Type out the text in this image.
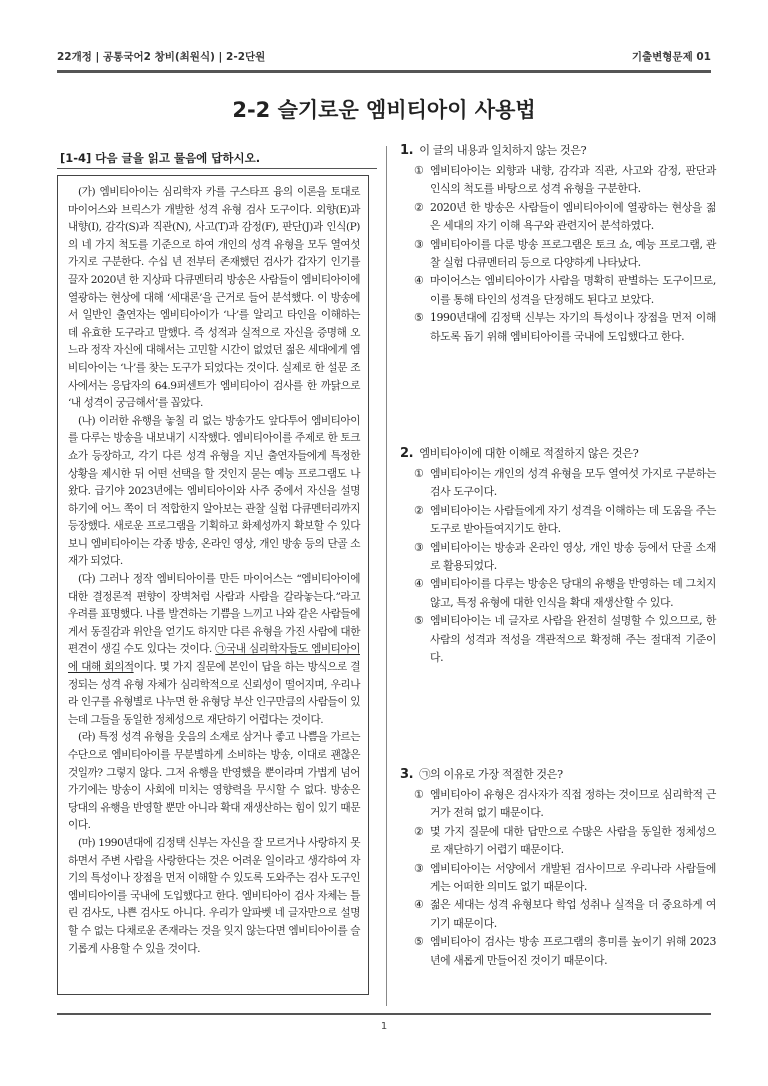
22개정 | 공통국어2 창비(최원식) | 2-2단원	기출변형문제 01
2-2 슬기로운 엠비티아이 사용법
[1-4] 다음 글을 읽고 물음에 답하시오.

(가) 엠비티아이는 심리학자 카를 구스타프 융의 이론을 토대로 마이어스와 브릭스가 개발한 성격 유형 검사 도구이다. 외향(E)과 내향(I), 감각(S)과 직관(N), 사고(T)과 감정(F), 판단(J)과 인식(P)의 네 가지 척도를 기준으로 하여 개인의 성격 유형을 모두 열여섯 가지로 구분한다. 수십 년 전부터 존재했던 검사가 갑자기 인기를 끌자 2020년 한 지상파 다큐멘터리 방송은 사람들이 엠비티아이에 열광하는 현상에 대해 ‘세대론’을 근거로 들어 분석했다. 이 방송에서 일반인 출연자는 엠비티아이가 ‘나’를 알리고 타인을 이해하는 데 유효한 도구라고 말했다. 즉 성적과 실적으로 자신을 증명해 오느라 정작 자신에 대해서는 고민할 시간이 없었던 젊은 세대에게 엠비티아이는 ‘나’를 찾는 도구가 되었다는 것이다. 실제로 한 설문 조사에서는 응답자의 64.9퍼센트가 엠비티아이 검사를 한 까닭으로 ‘내 성격이 궁금해서’를 꼽았다.

(나) 이러한 유행을 놓칠 리 없는 방송가도 앞다투어 엠비티아이를 다루는 방송을 내보내기 시작했다. 엠비티아이를 주제로 한 토크 쇼가 등장하고, 각기 다른 성격 유형을 지닌 출연자들에게 특정한 상황을 제시한 뒤 어떤 선택을 할 것인지 묻는 예능 프로그램도 나왔다. 급기야 2023년에는 엠비티아이와 사주 중에서 자신을 설명하기에 어느 쪽이 더 적합한지 알아보는 관찰 실험 다큐멘터리까지 등장했다. 새로운 프로그램을 기획하고 화제성까지 확보할 수 있다 보니 엠비티아이는 각종 방송, 온라인 영상, 개인 방송 등의 단골 소재가 되었다.

(다) 그러나 정작 엠비티아이를 만든 마이어스는 “엠비티아이에 대한 결정론적 편향이 장벽처럼 사람과 사람을 갈라놓는다.”라고 우려를 표명했다. 나를 발견하는 기쁨을 느끼고 나와 같은 사람들에게서 동질감과 위안을 얻기도 하지만 다른 유형을 가진 사람에 대한 편견이 생길 수도 있다는 것이다. ㉠국내 심리학자들도 엠비티아이에 대해 회의적이다. 몇 가지 질문에 본인이 답을 하는 방식으로 결정되는 성격 유형 자체가 심리학적으로 신뢰성이 떨어지며, 우리나라 인구를 유형별로 나누면 한 유형당 부산 인구만큼의 사람들이 있는데 그들을 동일한 정체성으로 재단하기 어렵다는 것이다.

(라) 특정 성격 유형을 웃음의 소재로 삼거나 좋고 나쁨을 가르는 수단으로 엠비티아이를 무분별하게 소비하는 방송, 이대로 괜찮은 것일까? 그렇지 않다. 그저 유행을 반영했을 뿐이라며 가볍게 넘어가기에는 방송이 사회에 미치는 영향력을 무시할 수 없다. 방송은 당대의 유행을 반영할 뿐만 아니라 확대 재생산하는 힘이 있기 때문이다.

(마) 1990년대에 김정택 신부는 자신을 잘 모르거나 사랑하지 못하면서 주변 사람을 사랑한다는 것은 어려운 일이라고 생각하여 자기의 특성이나 장점을 먼저 이해할 수 있도록 도와주는 검사 도구인 엠비티아이를 국내에 도입했다고 한다. 엠비티아이 검사 자체는 틀린 검사도, 나쁜 검사도 아니다. 우리가 알파벳 네 글자만으로 설명할 수 없는 다채로운 존재라는 것을 잊지 않는다면 엠비티아이를 슬기롭게 사용할 수 있을 것이다.

1. 이 글의 내용과 일치하지 않는 것은?
① 엠비티아이는 외향과 내향, 감각과 직관, 사고와 감정, 판단과 인식의 척도를 바탕으로 성격 유형을 구분한다.
② 2020년 한 방송은 사람들이 엠비티아이에 열광하는 현상을 젊은 세대의 자기 이해 욕구와 관련지어 분석하였다.
③ 엠비티아이를 다룬 방송 프로그램은 토크 쇼, 예능 프로그램, 관찰 실험 다큐멘터리 등으로 다양하게 나타났다.
④ 마이어스는 엠비티아이가 사람을 명확히 판별하는 도구이므로, 이를 통해 타인의 성격을 단정해도 된다고 보았다.
⑤ 1990년대에 김정택 신부는 자기의 특성이나 장점을 먼저 이해하도록 돕기 위해 엠비티아이를 국내에 도입했다고 한다.
2. 엠비티아이에 대한 이해로 적절하지 않은 것은?
① 엠비티아이는 개인의 성격 유형을 모두 열여섯 가지로 구분하는 검사 도구이다.
② 엠비티아이는 사람들에게 자기 성격을 이해하는 데 도움을 주는 도구로 받아들여지기도 한다.
③ 엠비티아이는 방송과 온라인 영상, 개인 방송 등에서 단골 소재로 활용되었다.
④ 엠비티아이를 다루는 방송은 당대의 유행을 반영하는 데 그치지 않고, 특정 유형에 대한 인식을 확대 재생산할 수 있다.
⑤ 엠비티아이는 네 글자로 사람을 완전히 설명할 수 있으므로, 한 사람의 성격과 적성을 객관적으로 확정해 주는 절대적 기준이다.
3. ㉠의 이유로 가장 적절한 것은?
① 엠비티아이 유형은 검사자가 직접 정하는 것이므로 심리학적 근거가 전혀 없기 때문이다.
② 몇 가지 질문에 대한 답만으로 수많은 사람을 동일한 정체성으로 재단하기 어렵기 때문이다.
③ 엠비티아이는 서양에서 개발된 검사이므로 우리나라 사람들에게는 어떠한 의미도 없기 때문이다.
④ 젊은 세대는 성격 유형보다 학업 성취나 실적을 더 중요하게 여기기 때문이다.
⑤ 엠비티아이 검사는 방송 프로그램의 흥미를 높이기 위해 2023년에 새롭게 만들어진 것이기 때문이다.
1
